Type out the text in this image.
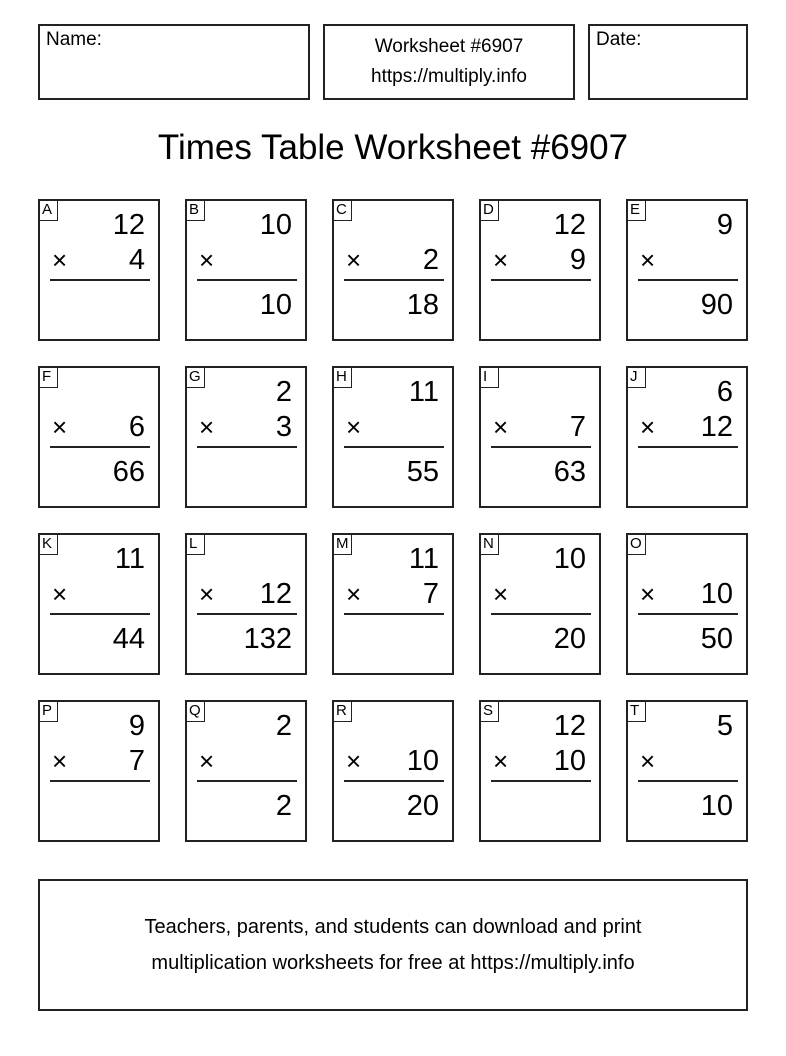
Name:	Worksheet #6907
https://multiply.info
Date:
Times Table Worksheet #6907
A 12
× 4
B 10
×
10
C
× 2
18
D 12
× 9
E	9
×
90
F
× 6
66
G	2
× 3
H 11
×
55
I
× 7
63
J	6
× 12
K 11
×
44
L
× 12
132
M 11
× 7
N 10
×
20
O
× 10
50
P	9
× 7
Q	2
×
2
R
× 10
20
S 12
× 10
T	5
×
10
Teachers, parents, and students can download and print
multiplication worksheets for free at https://multiply.info
